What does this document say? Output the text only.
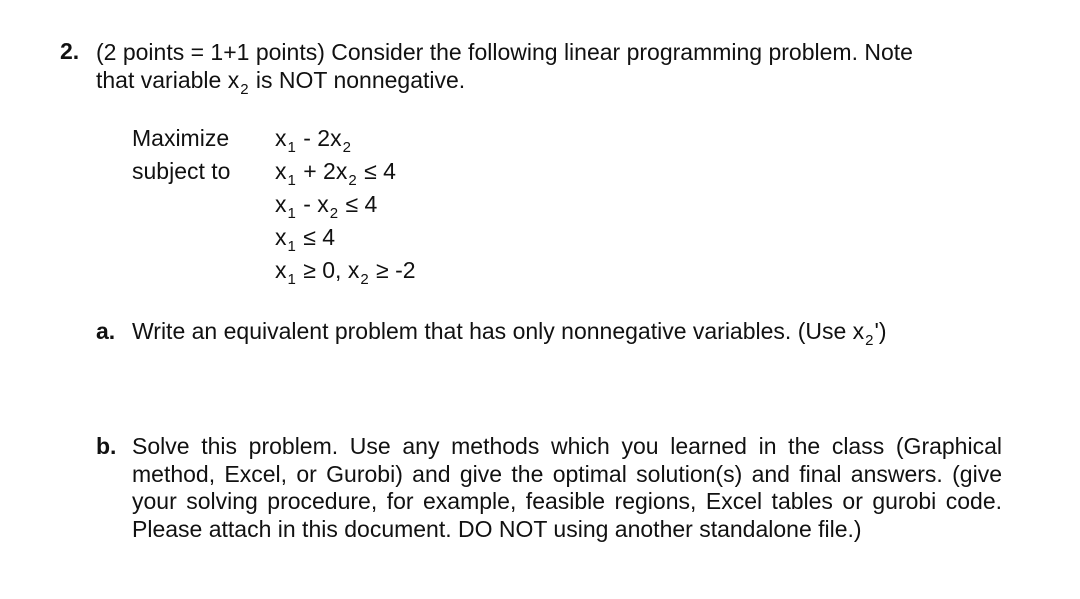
2. (2 points = 1+1 points) Consider the following linear programming problem. Note
that variable $x_2$ is NOT nonnegative.
Maximize
subject to
$x_1 - 2x_2$
$x_1 + 2x_2 \le 4$
$x_1 - x_2 \le 4$
$x_1 \le 4$
$x_1 \ge 0$, $x_2 \ge -2$
a. Write an equivalent problem that has only nonnegative variables. (Use $x_2'$)
b. Solve this problem. Use any methods which you learned in the class (Graphical method, Excel, or Gurobi) and give the optimal solution(s) and final answers. (give your solving procedure, for example, feasible regions, Excel tables or gurobi code. Please attach in this document. DO NOT using another standalone file.)
